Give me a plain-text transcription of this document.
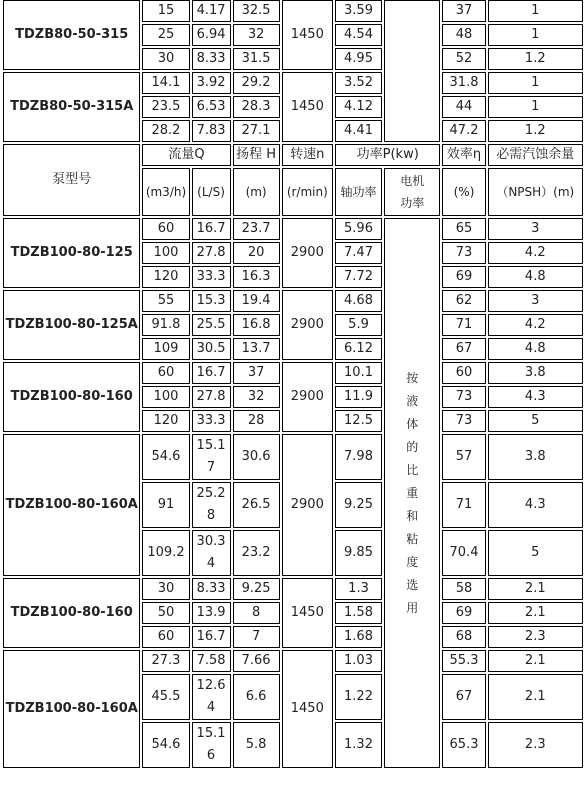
TDZB80-50-315	15	4.17	32.5	1450	3.59		37	1
	25	6.94	32		4.54		48	1
	30	8.33	31.5		4.95		52	1.2
TDZB80-50-315A	14.1	3.92	29.2	1450	3.52		31.8	1
	23.5	6.53	28.3		4.12		44	1
	28.2	7.83	27.1		4.41		47.2	1.2
泵型号	流量Q		扬程 H	转速n	功率P(kw)		效率η	必需汽蚀余量
	(m3/h)	(L/S)	(m)	(r/min)	轴功率	电机功率	(%)	（NPSH）(m)
TDZB100-80-125	60	16.7	23.7	2900	5.96	按液体的比重和粘度选用	65	3
	100	27.8	20		7.47		73	4.2
	120	33.3	16.3		7.72		69	4.8
TDZB100-80-125A	55	15.3	19.4	2900	4.68		62	3
	91.8	25.5	16.8		5.9		71	4.2
	109	30.5	13.7		6.12		67	4.8
TDZB100-80-160	60	16.7	37	2900	10.1		60	3.8
	100	27.8	32		11.9		73	4.3
	120	33.3	28		12.5		73	5
TDZB100-80-160A	54.6	15.17	30.6	2900	7.98		57	3.8
	91	25.28	26.5		9.25		71	4.3
	109.2	30.34	23.2		9.85		70.4	5
TDZB100-80-160	30	8.33	9.25	1450	1.3		58	2.1
	50	13.9	8		1.58		69	2.1
	60	16.7	7		1.68		68	2.3
TDZB100-80-160A	27.3	7.58	7.66	1450	1.03		55.3	2.1
	45.5	12.64	6.6		1.22		67	2.1
	54.6	15.16	5.8		1.32		65.3	2.3
